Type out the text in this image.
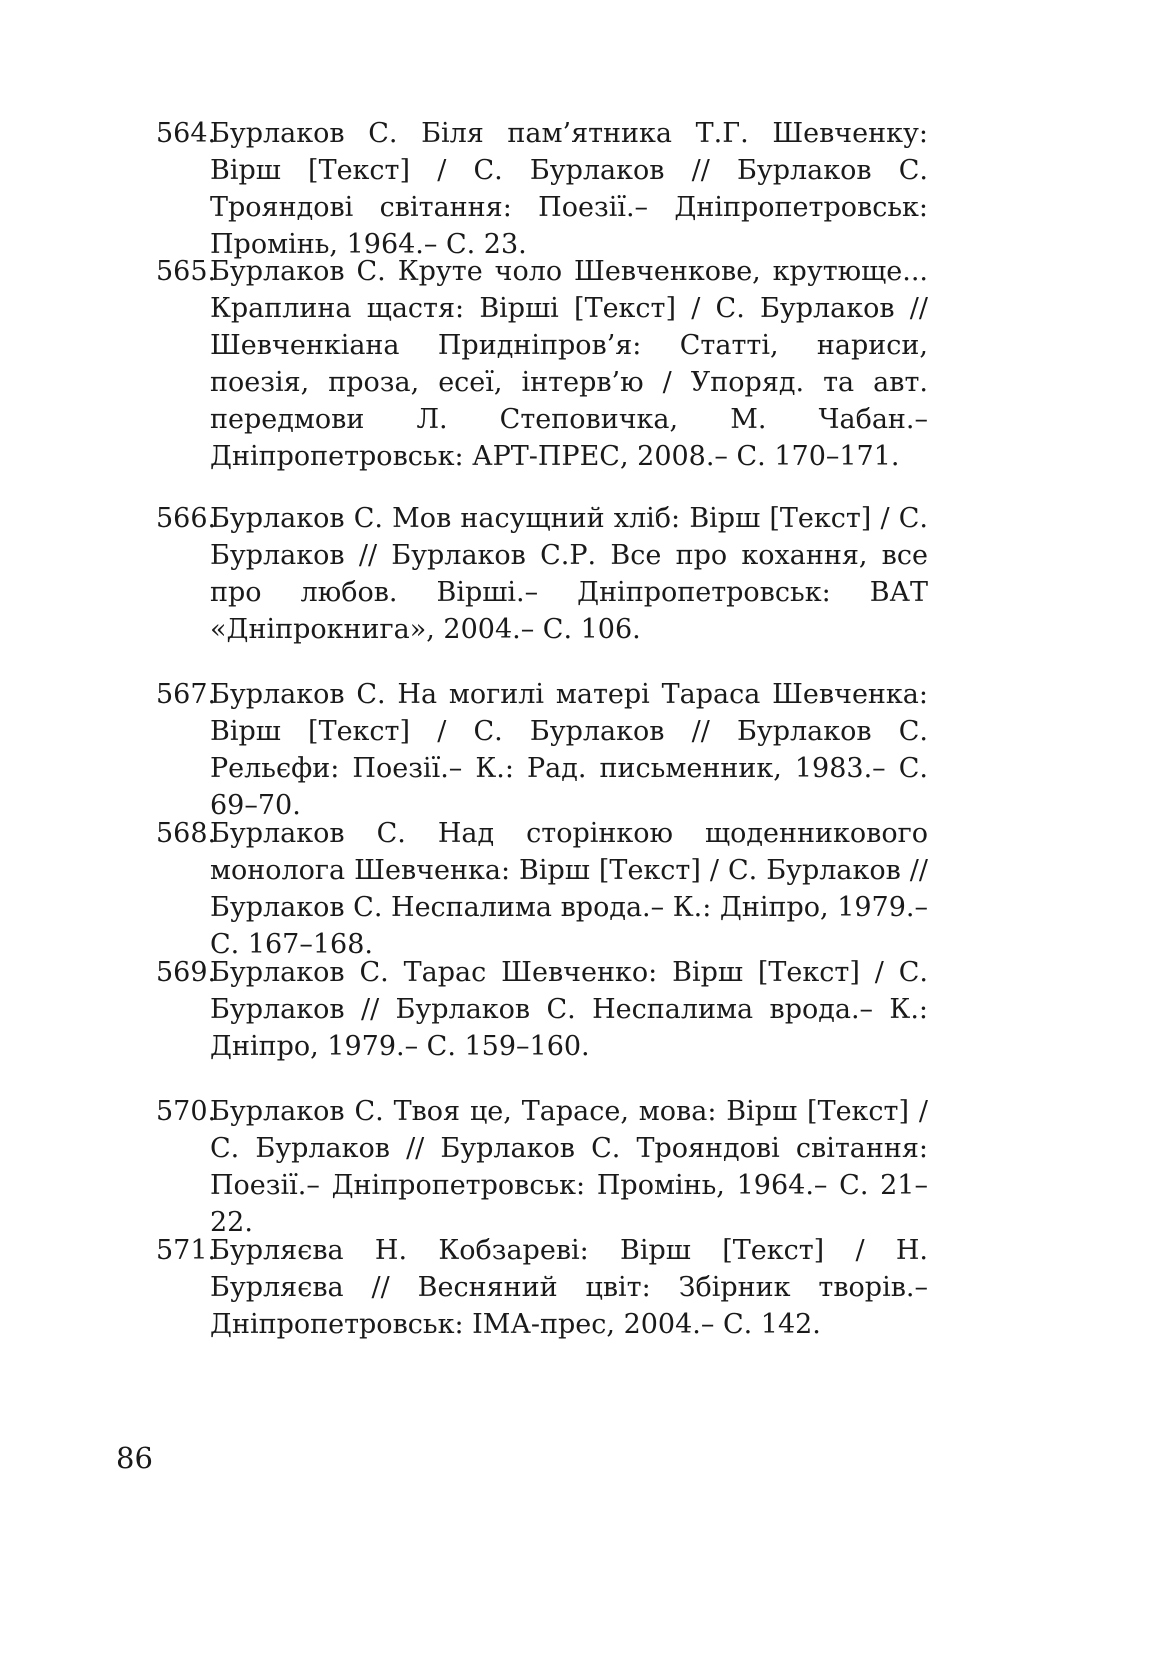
564.
Бурлаков С. Біля пам’ятника Т.Г. Шевченку: Вірш [Текст] / С. Бурлаков // Бурлаков С. Трояндові світання: Поезії.– Дніпропетровськ: Промінь, 1964.– С. 23.
565.
Бурлаков С. Круте чоло Шевченкове, крутюще... Краплина щастя: Вірші [Текст] / С. Бурлаков // Шевченкіана Придніпров’я: Статті, нариси, поезія, проза, есеї, інтерв’ю / Упоряд. та авт. передмови Л. Степовичка, М. Чабан.– Дніпропетровськ: АРТ-ПРЕС, 2008.– С. 170–171.
566.
Бурлаков С. Мов насущний хліб: Вірш [Текст] / С. Бурлаков // Бурлаков С.Р. Все про кохання, все про любов. Вірші.– Дніпропетровськ: ВАТ «Дніпрокнига», 2004.– С. 106.
567.
Бурлаков С. На могилі матері Тараса Шевченка: Вірш [Текст] / С. Бурлаков // Бурлаков С. Рельєфи: Поезії.– К.: Рад. письменник, 1983.– С. 69–70.
568.
Бурлаков С. Над сторінкою щоденникового монолога Шевченка: Вірш [Текст] / С. Бурлаков // Бурлаков С. Неспалима врода.– К.: Дніпро, 1979.– С. 167–168.
569.
Бурлаков С. Тарас Шевченко: Вірш [Текст] / С. Бурлаков // Бурлаков С. Неспалима врода.– К.: Дніпро, 1979.– С. 159–160.
570.
Бурлаков С. Твоя це, Тарасе, мова: Вірш [Текст] / С. Бурлаков // Бурлаков С. Трояндові світання: Поезії.– Дніпропетровськ: Промінь, 1964.– С. 21–22.
571.
Бурляєва Н. Кобзареві: Вірш [Текст] / Н. Бурляєва // Весняний цвіт: Збірник творів.– Дніпропетровськ: ІМА-прес, 2004.– С. 142.
86
